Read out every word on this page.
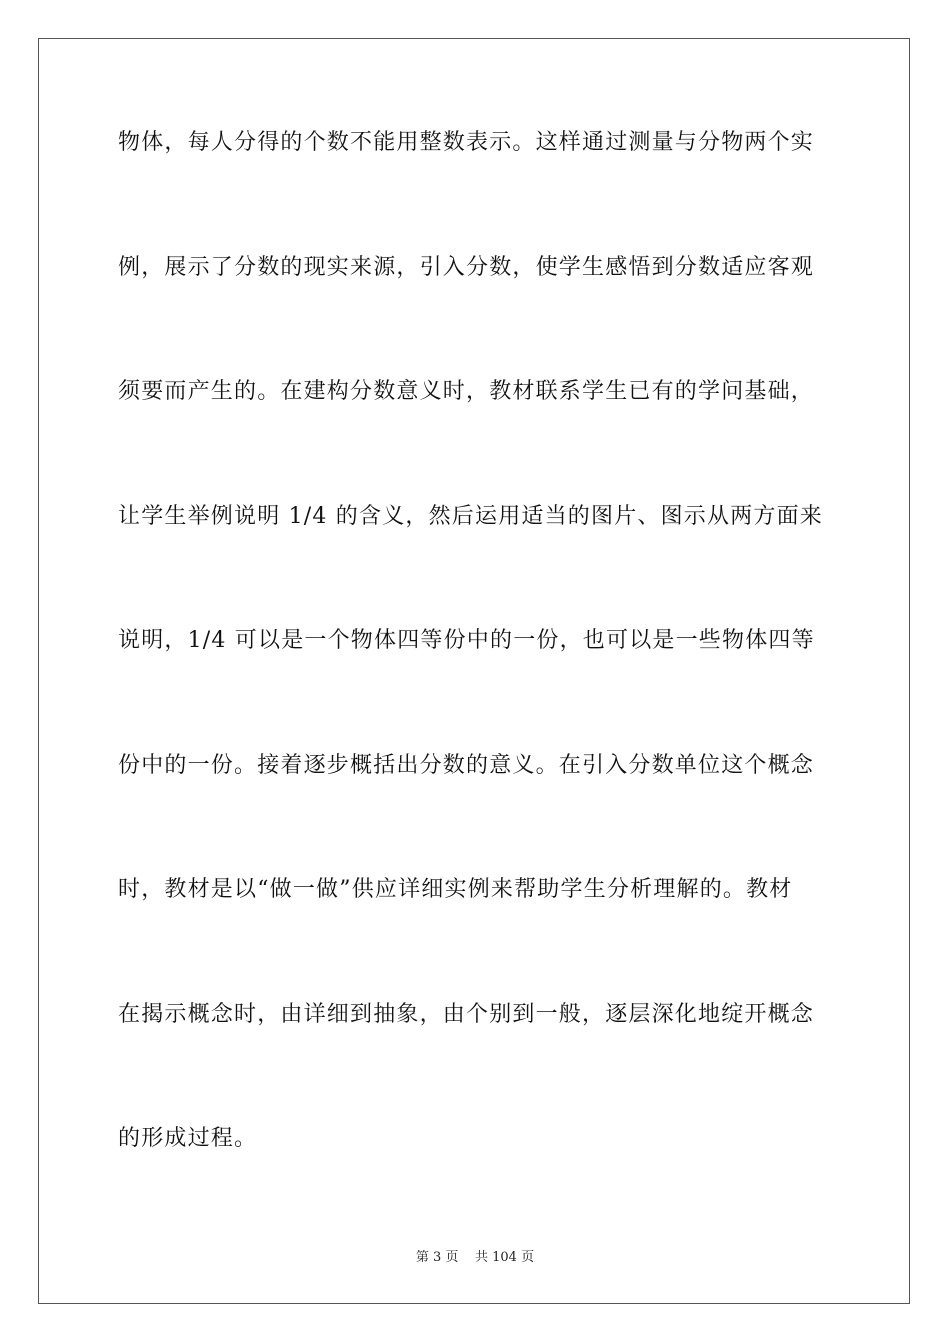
物体，每人分得的个数不能用整数表示。这样通过测量与分物两个实
例，展示了分数的现实来源，引入分数，使学生感悟到分数适应客观
须要而产生的。在建构分数意义时，教材联系学生已有的学问基础，
让学生举例说明 1/4 的含义，然后运用适当的图片、图示从两方面来
说明，1/4 可以是一个物体四等份中的一份，也可以是一些物体四等
份中的一份。接着逐步概括出分数的意义。在引入分数单位这个概念
时，教材是以“做一做”供应详细实例来帮助学生分析理解的。教材
在揭示概念时，由详细到抽象，由个别到一般，逐层深化地绽开概念
的形成过程。
第 3 页    共 104 页
